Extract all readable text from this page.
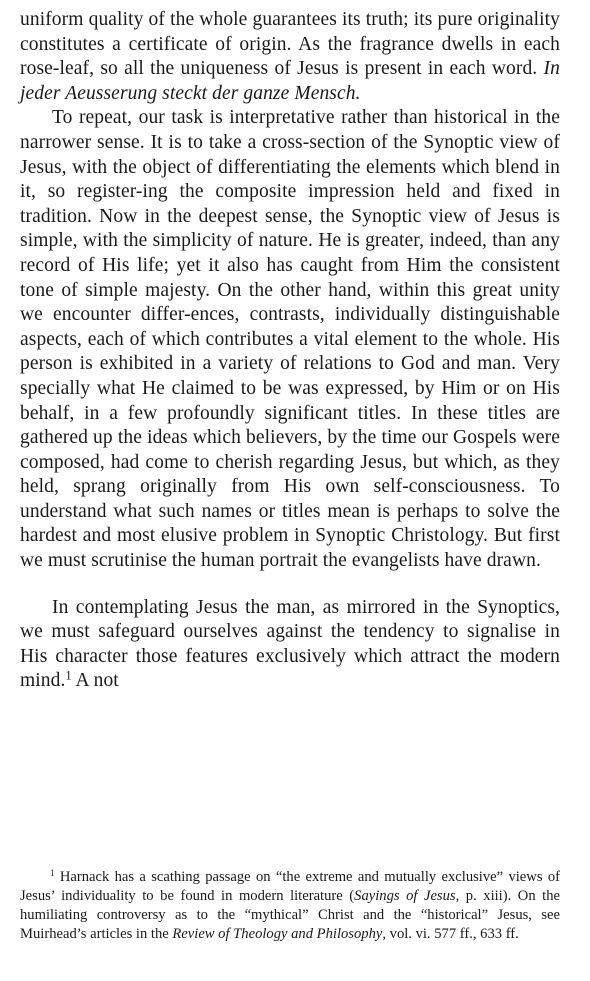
uniform quality of the whole guarantees its truth; its pure originality constitutes a certificate of origin. As the fragrance dwells in each rose-leaf, so all the uniqueness of Jesus is present in each word. In jeder Aeusserung steckt der ganze Mensch.

To repeat, our task is interpretative rather than historical in the narrower sense. It is to take a cross-section of the Synoptic view of Jesus, with the object of differentiating the elements which blend in it, so register-ing the composite impression held and fixed in tradition. Now in the deepest sense, the Synoptic view of Jesus is simple, with the simplicity of nature. He is greater, indeed, than any record of His life; yet it also has caught from Him the consistent tone of simple majesty. On the other hand, within this great unity we encounter differ-ences, contrasts, individually distinguishable aspects, each of which contributes a vital element to the whole. His person is exhibited in a variety of relations to God and man. Very specially what He claimed to be was expressed, by Him or on His behalf, in a few profoundly significant titles. In these titles are gathered up the ideas which believers, by the time our Gospels were composed, had come to cherish regarding Jesus, but which, as they held, sprang originally from His own self-consciousness. To understand what such names or titles mean is perhaps to solve the hardest and most elusive problem in Synoptic Christology. But first we must scrutinise the human portrait the evangelists have drawn.

In contemplating Jesus the man, as mirrored in the Synoptics, we must safeguard ourselves against the tendency to signalise in His character those features exclusively which attract the modern mind.$^1$ A not

$^1$ Harnack has a scathing passage on “the extreme and mutually exclusive” views of Jesus’ individuality to be found in modern literature (Sayings of Jesus, p. xiii). On the humiliating controversy as to the “mythical” Christ and the “historical” Jesus, see Muirhead’s articles in the Review of Theology and Philosophy, vol. vi. 577 ff., 633 ff.
